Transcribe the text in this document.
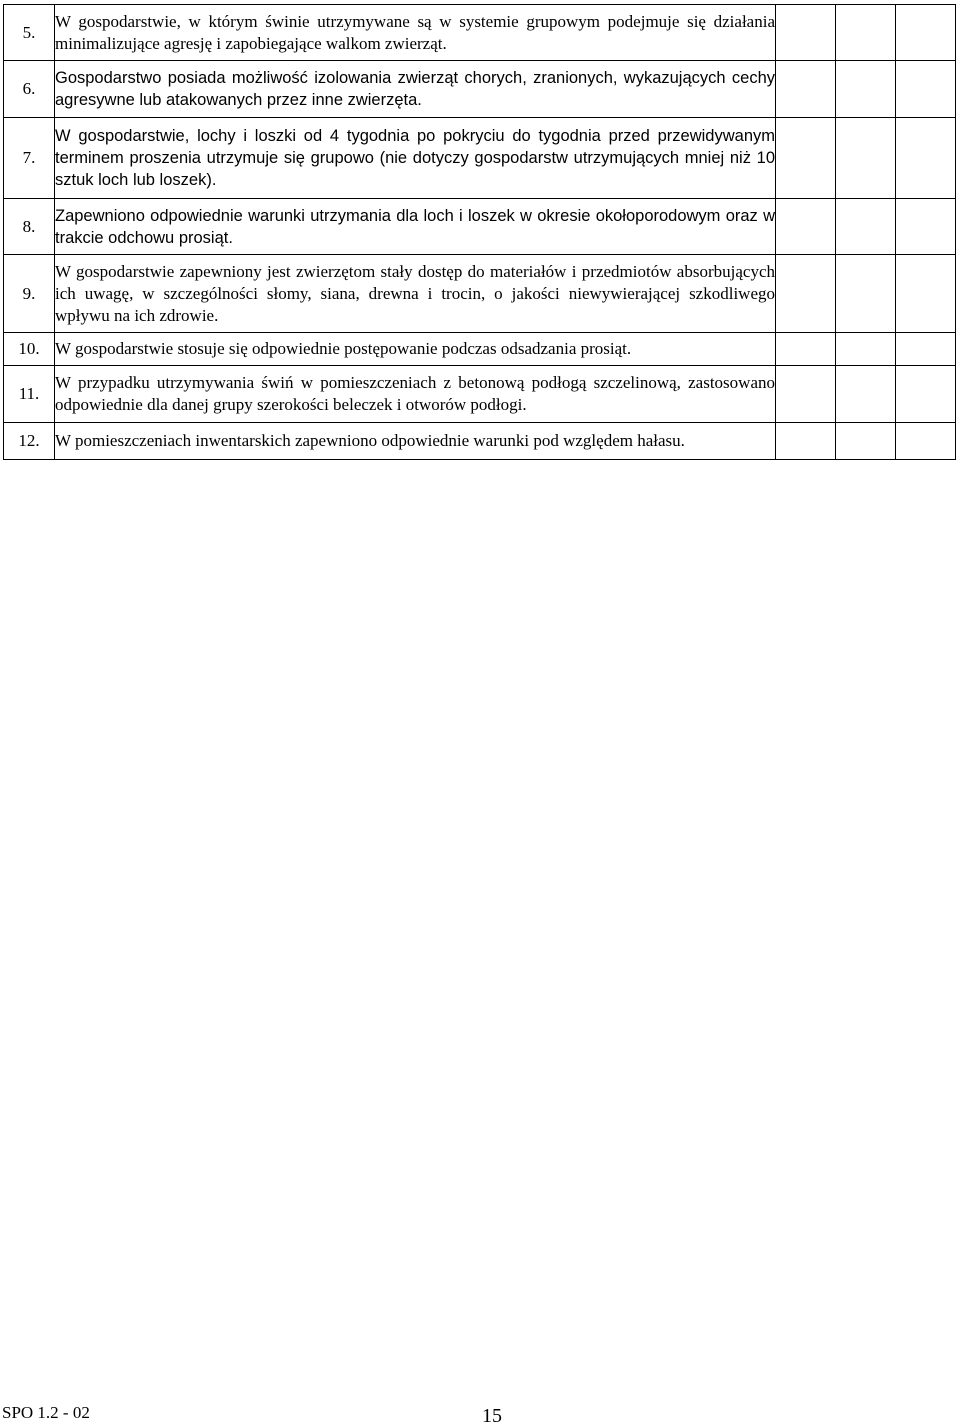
5.	W gospodarstwie, w którym świnie utrzymywane są w systemie grupowym podejmuje się działania minimalizujące agresję i zapobiegające walkom zwierząt.			
6.	Gospodarstwo posiada możliwość izolowania zwierząt chorych, zranionych, wykazujących cechy agresywne lub atakowanych przez inne zwierzęta.			
7.	W gospodarstwie, lochy i loszki od 4 tygodnia po pokryciu do tygodnia przed przewidywanym terminem proszenia utrzymuje się grupowo (nie dotyczy gospodarstw utrzymujących mniej niż 10 sztuk loch lub loszek).			
8.	Zapewniono odpowiednie warunki utrzymania dla loch i loszek w okresie okołoporodowym oraz w trakcie odchowu prosiąt.			
9.	W gospodarstwie zapewniony jest zwierzętom stały dostęp do materiałów i przedmiotów absorbujących ich uwagę, w szczególności słomy, siana, drewna i trocin, o jakości niewywierającej szkodliwego wpływu na ich zdrowie.			
10.	W gospodarstwie stosuje się odpowiednie postępowanie podczas odsadzania prosiąt.			
11.	W przypadku utrzymywania świń w pomieszczeniach z betonową podłogą szczelinową, zastosowano odpowiednie dla danej grupy szerokości beleczek i otworów podłogi.			
12.	W pomieszczeniach inwentarskich zapewniono odpowiednie warunki pod względem hałasu.			
SPO 1.2 - 02	15
